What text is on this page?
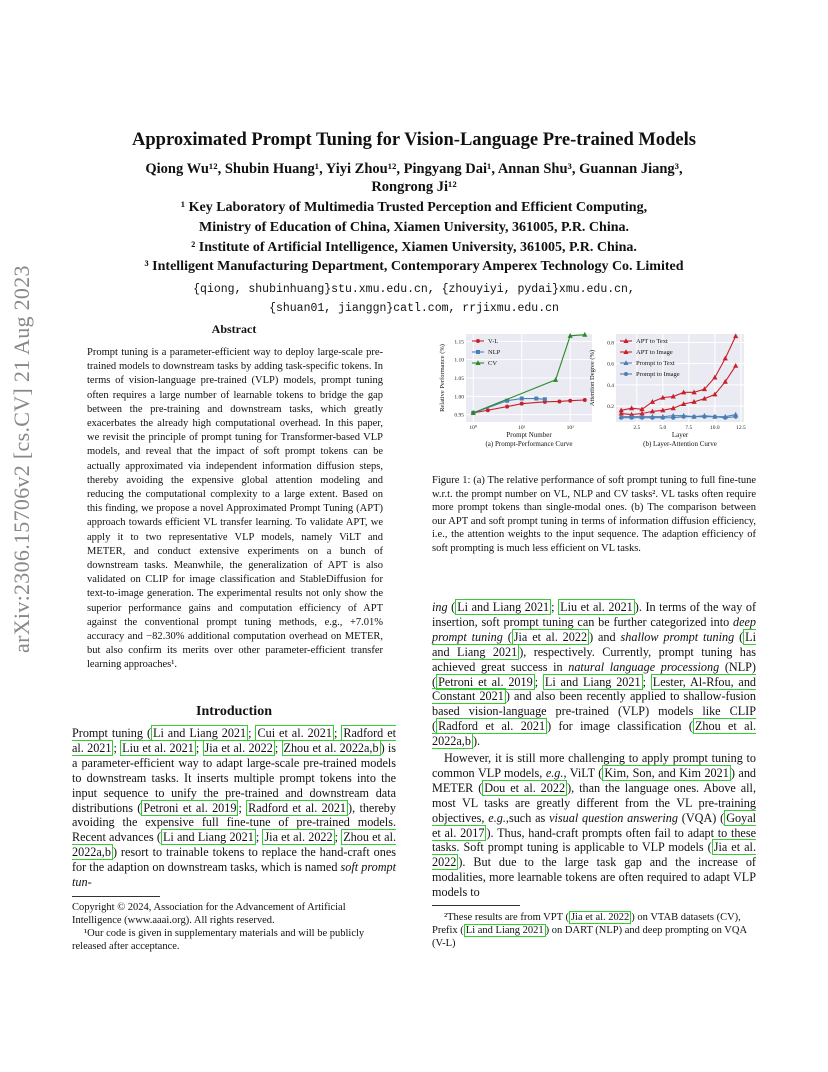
arXiv:2306.15706v2 [cs.CV] 21 Aug 2023
Approximated Prompt Tuning for Vision-Language Pre-trained Models
Qiong Wu¹², Shubin Huang¹, Yiyi Zhou¹², Pingyang Dai¹, Annan Shu³, Guannan Jiang³,
Rongrong Ji¹²
¹ Key Laboratory of Multimedia Trusted Perception and Efficient Computing,
Ministry of Education of China, Xiamen University, 361005, P.R. China.
² Institute of Artificial Intelligence, Xiamen University, 361005, P.R. China.
³ Intelligent Manufacturing Department, Contemporary Amperex Technology Co. Limited
{qiong, shubinhuang}stu.xmu.edu.cn, {zhouyiyi, pydai}xmu.edu.cn,
{shuan01, jianggn}catl.com, rrjixmu.edu.cn
Abstract
Prompt tuning is a parameter-efficient way to deploy large-scale pre-trained models to downstream tasks by adding task-specific tokens. In terms of vision-language pre-trained (VLP) models, prompt tuning often requires a large number of learnable tokens to bridge the gap between the pre-training and downstream tasks, which greatly exacerbates the already high computational overhead. In this paper, we revisit the principle of prompt tuning for Transformer-based VLP models, and reveal that the impact of soft prompt tokens can be actually approximated via independent information diffusion steps, thereby avoiding the expensive global attention modeling and reducing the computational complexity to a large extent. Based on this finding, we propose a novel Approximated Prompt Tuning (APT) approach towards efficient VL transfer learning. To validate APT, we apply it to two representative VLP models, namely ViLT and METER, and conduct extensive experiments on a bunch of downstream tasks. Meanwhile, the generalization of APT is also validated on CLIP for image classification and StableDiffusion for text-to-image generation. The experimental results not only show the superior performance gains and computation efficiency of APT against the conventional prompt tuning methods, e.g., +7.01% accuracy and −82.30% additional computation overhead on METER, but also confirm its merits over other parameter-efficient transfer learning approaches¹.
Introduction
Prompt tuning ( Li and Liang 2021 ; Cui et al. 2021 ; Radford et al. 2021 ; Liu et al. 2021 ; Jia et al. 2022 ; Zhou et al. 2022a,b ) is a parameter-efficient way to adapt large-scale pre-trained models to downstream tasks. It inserts multiple prompt tokens into the input sequence to unify the pre-trained and downstream data distributions ( Petroni et al. 2019 ; Radford et al. 2021 ), thereby avoiding the expensive full fine-tune of pre-trained models. Recent advances ( Li and Liang 2021 ; Jia et al. 2022 ; Zhou et al. 2022a,b ) resort to trainable tokens to replace the hand-craft ones for the adaption on downstream tasks, which is named soft prompt tun-
Copyright © 2024, Association for the Advancement of Artificial Intelligence (www.aaai.org). All rights reserved.
¹Our code is given in supplementary materials and will be publicly released after acceptance.
0.95
1.00
1.05
1.10
1.15
10⁰	10¹	10²
Prompt Number
(a) Prompt-Performance Curve
Relative Performance (%)
V-L
NLP
CV
0.2
0.4
0.6
0.8
2.5	5.0	7.5	10.0	12.5
Layer
(b) Layer-Attention Curve
Attention Degree (%)
APT to Text
APT to Image
Prompt to Text
Prompt to Image
Figure 1: (a) The relative performance of soft prompt tuning to full fine-tune w.r.t. the prompt number on VL, NLP and CV tasks². VL tasks often require more prompt tokens than single-modal ones. (b) The comparison between our APT and soft prompt tuning in terms of information diffusion efficiency, i.e., the attention weights to the input sequence. The adaption efficiency of soft prompting is much less efficient on VL tasks.
ing ( Li and Liang 2021 ; Liu et al. 2021 ). In terms of the way of insertion, soft prompt tuning can be further categorized into deep prompt tuning ( Jia et al. 2022 ) and shallow prompt tuning ( Li and Liang 2021 ), respectively. Currently, prompt tuning has achieved great success in natural language processiong (NLP) ( Petroni et al. 2019 ; Li and Liang 2021 ; Lester, Al-Rfou, and Constant 2021 ) and also been recently applied to shallow-fusion based vision-language pre-trained (VLP) models like CLIP ( Radford et al. 2021 ) for image classification ( Zhou et al. 2022a,b ).
However, it is still more challenging to apply prompt tuning to common VLP models, e.g., ViLT ( Kim, Son, and Kim 2021 ) and METER ( Dou et al. 2022 ), than the language ones. Above all, most VL tasks are greatly different from the VL pre-training objectives, e.g.,such as visual question answering (VQA) ( Goyal et al. 2017 ). Thus, hand-craft prompts often fail to adapt to these tasks. Soft prompt tuning is applicable to VLP models ( Jia et al. 2022 ). But due to the large task gap and the increase of modalities, more learnable tokens are often required to adapt VLP models to
²These results are from VPT ( Jia et al. 2022 ) on VTAB datasets (CV), Prefix ( Li and Liang 2021 ) on DART (NLP) and deep prompting on VQA (V-L)
